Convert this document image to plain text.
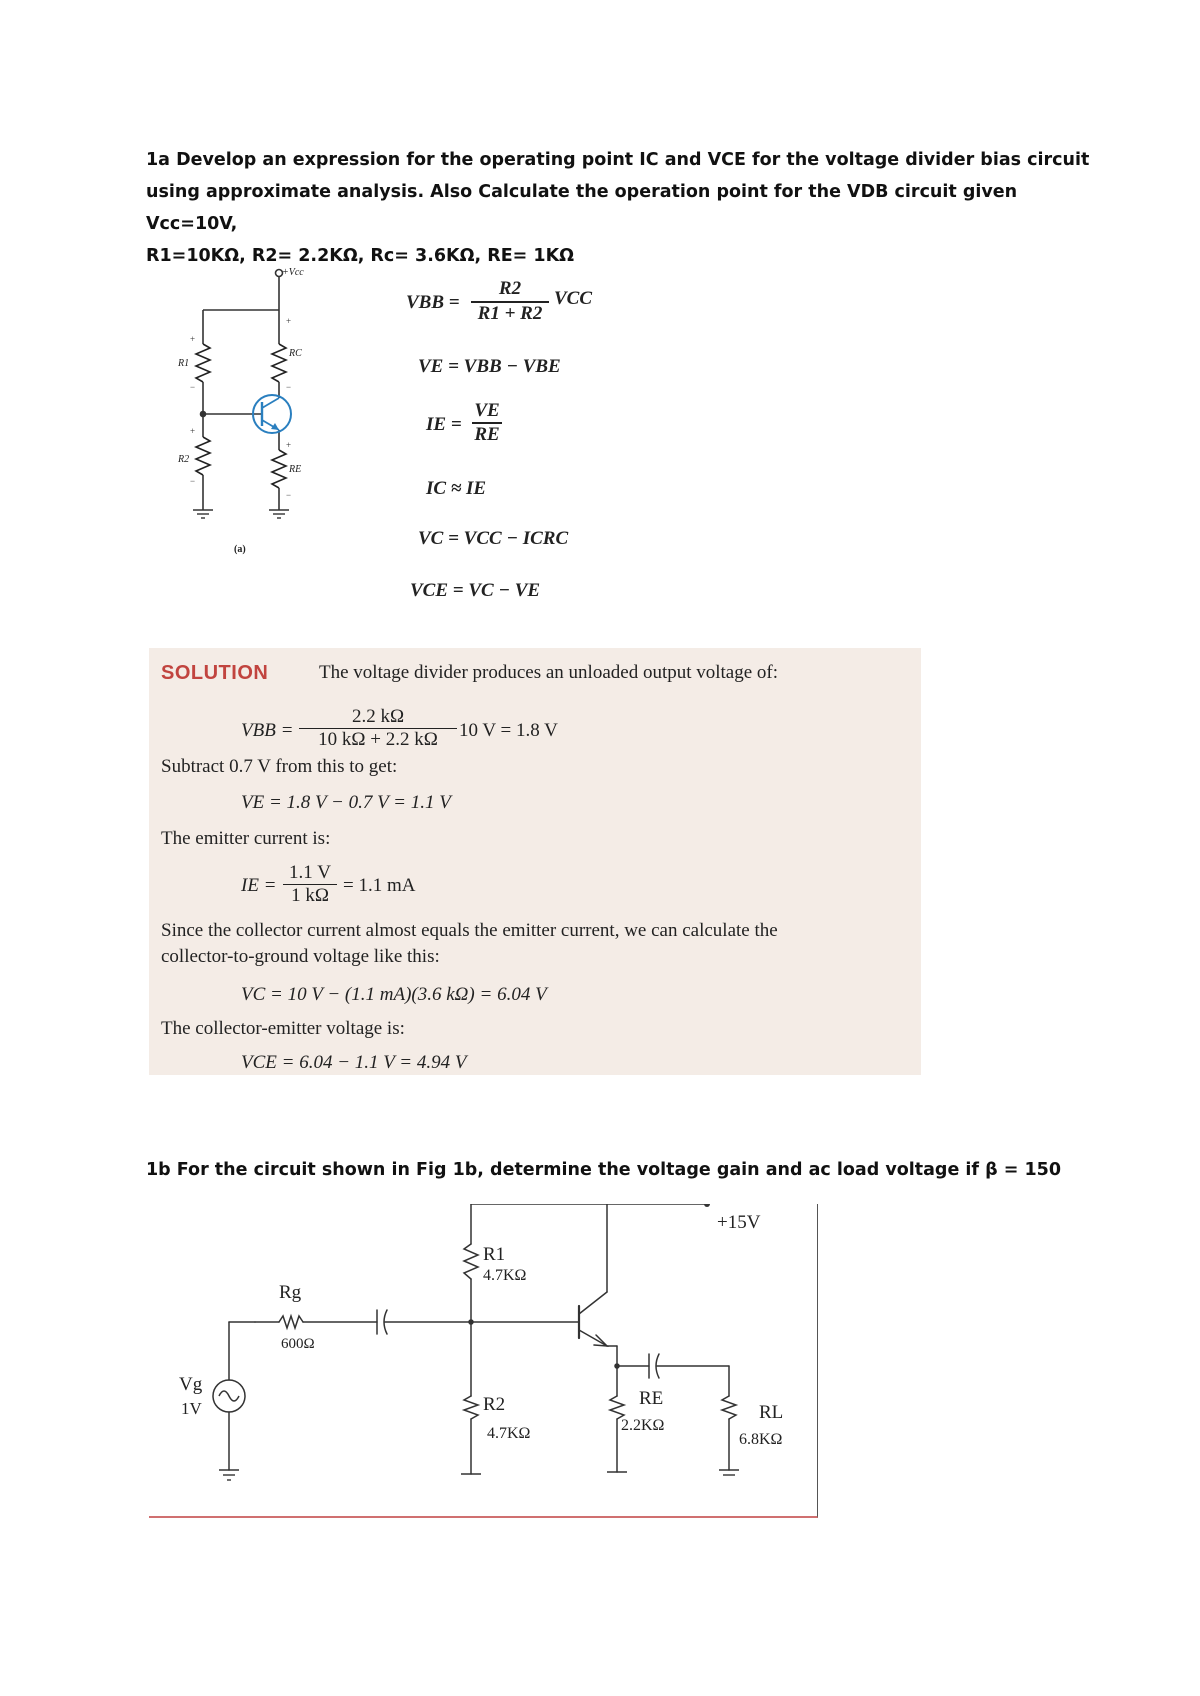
1a Develop an expression for the operating point IC and VCE for the voltage divider bias circuit
using approximate analysis. Also Calculate the operation point for the VDB circuit given Vcc=10V,
R1=10KΩ, R2= 2.2KΩ, Rc= 3.6KΩ, RE= 1KΩ
+
−
+
−
+
−
+
−
+Vcc
R1
R2
RC
RE
(a)
VBB = $\frac{R2}{R1 + R2}$ VCC
VE = VBB − VBE
IE = $\frac{VE}{RE}$
IC ≈ IE
VC = VCC − ICRC
VCE = VC − VE
SOLUTION	The voltage divider produces an unloaded output voltage of:
VBB = $\frac{2.2 k\Omega}{10 k\Omega + 2.2 k\Omega} 10$ V = 1.8 V
Subtract 0.7 V from this to get:
VE = 1.8 V − 0.7 V = 1.1 V
The emitter current is:
IE = $\frac{1.1 V}{1 k\Omega} = 1.1$ mA
Since the collector current almost equals the emitter current, we can calculate the
collector-to-ground voltage like this:
VC = 10 V − (1.1 mA)(3.6 kΩ) = 6.04 V
The collector-emitter voltage is:
VCE = 6.04 − 1.1 V = 4.94 V
1b For the circuit shown in Fig 1b, determine the voltage gain and ac load voltage if β = 150
+15V
R1
4.7KΩ
Rg
600Ω
Vg
1V	R2
4.7KΩ
RE
2.2KΩ
RL
6.8KΩ
